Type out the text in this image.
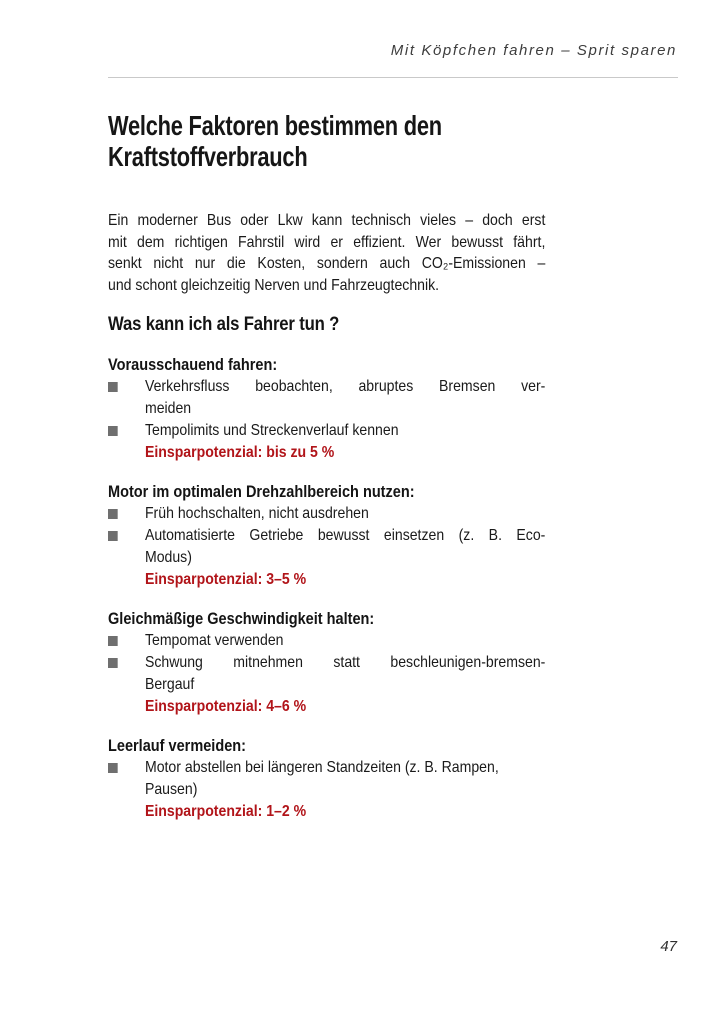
Mit Köpfchen fahren – Sprit sparen
Welche Faktoren bestimmen den
Kraftstoffverbrauch

Ein moderner Bus oder Lkw kann technisch vieles – doch erst
mit dem richtigen Fahrstil wird er effizient. Wer bewusst fährt,
senkt nicht nur die Kosten, sondern auch CO₂-Emissionen –
und schont gleichzeitig Nerven und Fahrzeugtechnik.

Was kann ich als Fahrer tun ?
Vorausschauend fahren:
Verkehrsfluss beobachten, abruptes Bremsen ver-
meiden
Tempolimits und Streckenverlauf kennen
Einsparpotenzial: bis zu 5 %
Motor im optimalen Drehzahlbereich nutzen:
Früh hochschalten, nicht ausdrehen
Automatisierte Getriebe bewusst einsetzen (z. B. Eco-
Modus)
Einsparpotenzial: 3–5 %
Gleichmäßige Geschwindigkeit halten:
Tempomat verwenden
Schwung mitnehmen statt beschleunigen-bremsen-
Bergauf
Einsparpotenzial: 4–6 %
Leerlauf vermeiden:
Motor abstellen bei längeren Standzeiten (z. B. Rampen,
Pausen)
Einsparpotenzial: 1–2 %
47
